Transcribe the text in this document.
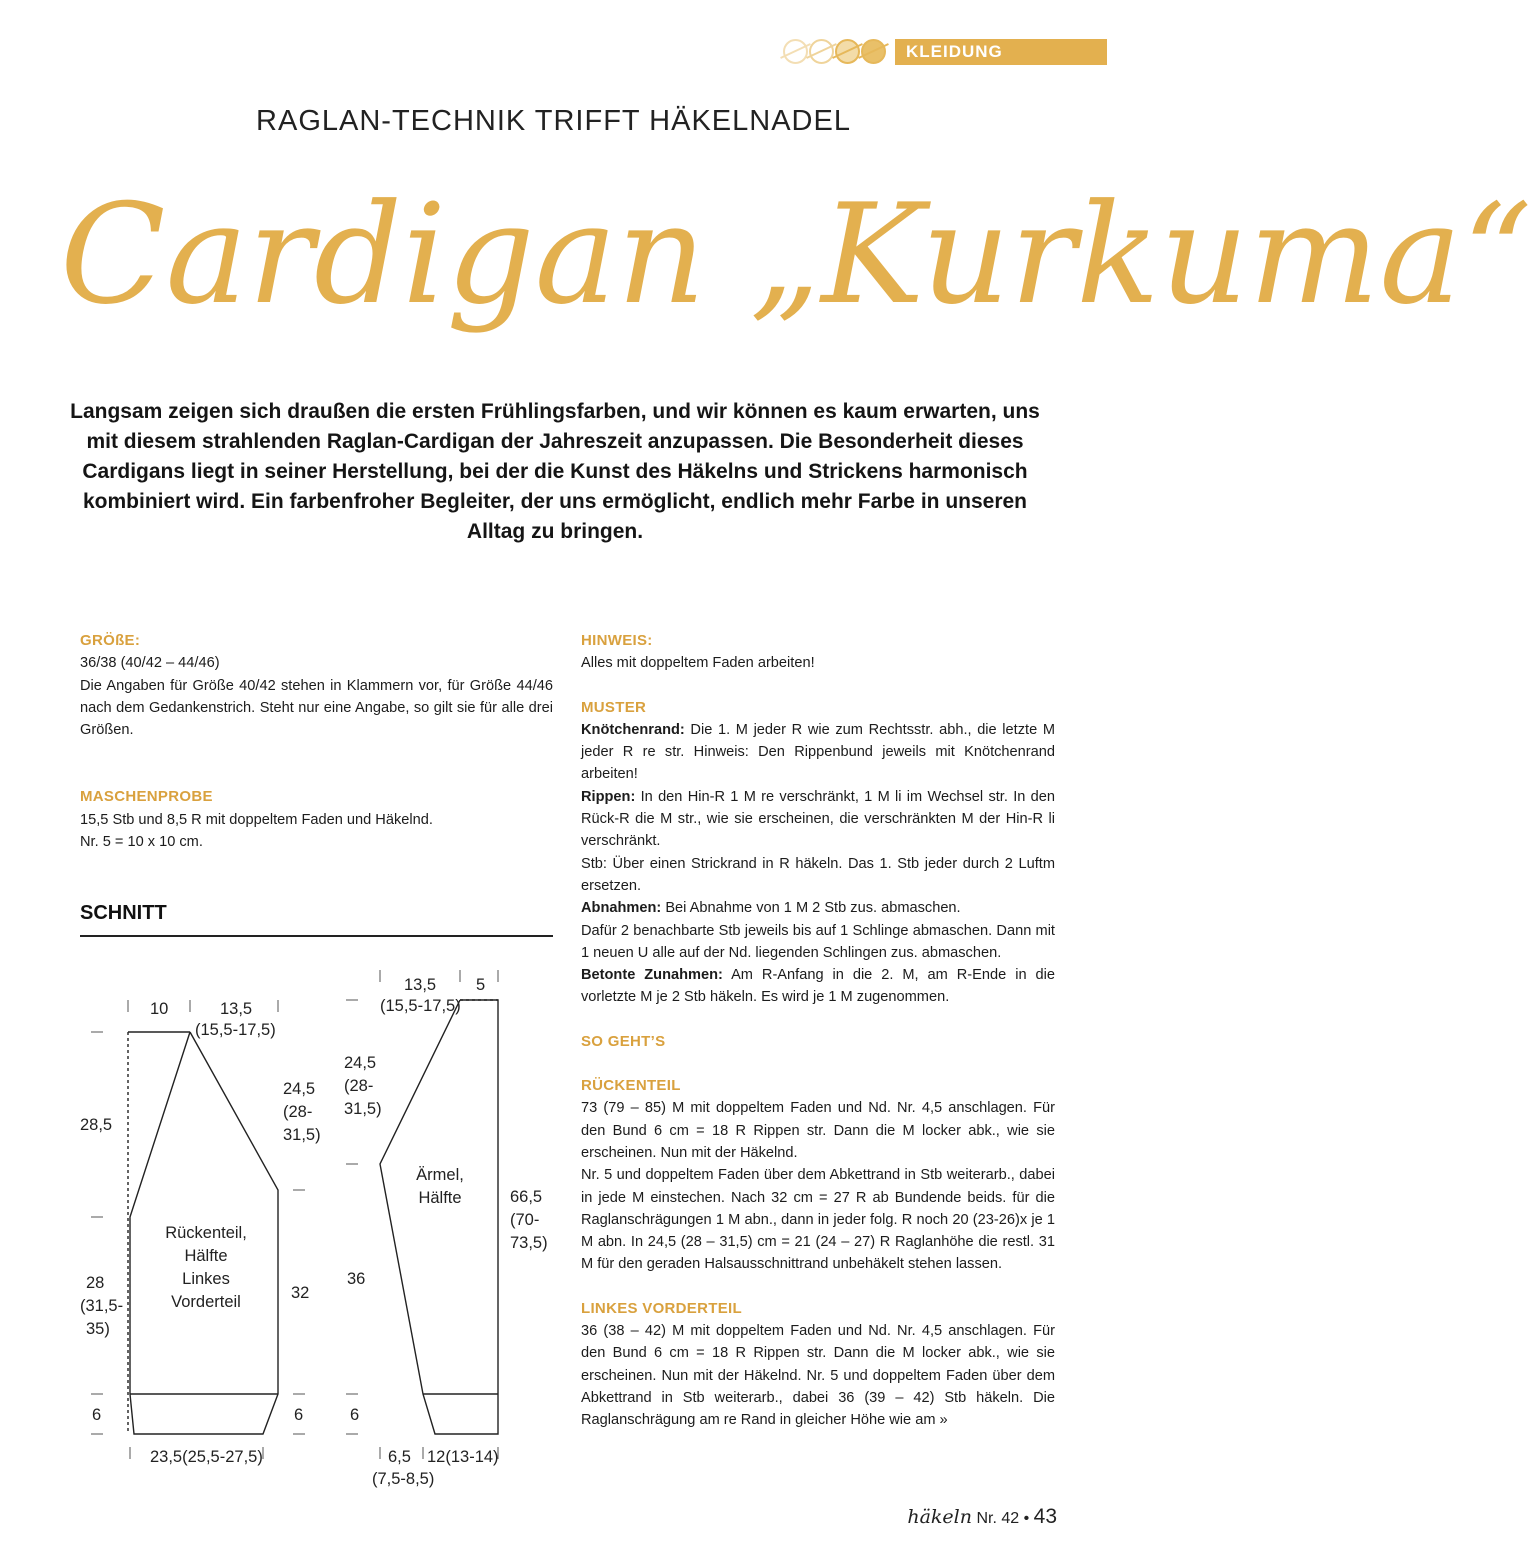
KLEIDUNG
RAGLAN-TECHNIK TRIFFT HÄKELNADEL
Cardigan „Kurkuma“
Langsam zeigen sich draußen die ersten Frühlingsfarben, und wir können es kaum erwarten, uns mit diesem strahlenden Raglan-Cardigan der Jahreszeit anzupassen. Die Besonderheit dieses Cardigans liegt in seiner Herstellung, bei der die Kunst des Häkelns und Strickens harmonisch kombiniert wird. Ein farbenfroher Begleiter, der uns ermöglicht, endlich mehr Farbe in unseren Alltag zu bringen.

GRÖßE:

36/38 (40/42 – 44/46)

Die Angaben für Größe 40/42 stehen in Klammern vor, für Größe 44/46 nach dem Gedankenstrich. Steht nur eine Angabe, so gilt sie für alle drei Größen.

MASCHENPROBE

15,5 Stb und 8,5 R mit doppeltem Faden und Häkelnd.

Nr. 5 = 10 x 10 cm.

SCHNITT
10	13,5
(15,5-17,5)
28,5
24,5
(28-
31,5)
Rückenteil,
Hälfte
Linkes
Vorderteil
28
(31,5-
35)
32
6	6
23,5(25,5-27,5)
13,5
(15,5-17,5)
5
24,5
(28-
31,5)
Ärmel,
Hälfte	66,5
(70-
73,5)
36
6
6,5
(7,5-8,5)
12(13-14)

HINWEIS:

Alles mit doppeltem Faden arbeiten!

MUSTER

Knötchenrand: Die 1. M jeder R wie zum Rechtsstr. abh., die letzte M jeder R re str. Hinweis: Den Rippenbund jeweils mit Knötchenrand arbeiten!

Rippen: In den Hin-R 1 M re verschränkt, 1 M li im Wechsel str. In den Rück-R die M str., wie sie erscheinen, die verschränkten M der Hin-R li verschränkt.

Stb: Über einen Strickrand in R häkeln. Das 1. Stb jeder durch 2 Luftm ersetzen.

Abnahmen: Bei Abnahme von 1 M 2 Stb zus. abmaschen.

Dafür 2 benachbarte Stb jeweils bis auf 1 Schlinge abmaschen. Dann mit 1 neuen U alle auf der Nd. liegenden Schlingen zus. abmaschen.

Betonte Zunahmen: Am R-Anfang in die 2. M, am R-Ende in die vorletzte M je 2 Stb häkeln. Es wird je 1 M zugenommen.

SO GEHT’S

RÜCKENTEIL

73 (79 – 85) M mit doppeltem Faden und Nd. Nr. 4,5 anschlagen. Für den Bund 6 cm = 18 R Rippen str. Dann die M locker abk., wie sie erscheinen. Nun mit der Häkelnd.

Nr. 5 und doppeltem Faden über dem Abkettrand in Stb weiterarb., dabei in jede M einstechen. Nach 32 cm = 27 R ab Bundende beids. für die Raglanschrägungen 1 M abn., dann in jeder folg. R noch 20 (23-26)x je 1 M abn. In 24,5 (28 – 31,5) cm = 21 (24 – 27) R Raglanhöhe die restl. 31 M für den geraden Halsausschnittrand unbehäkelt stehen lassen.

LINKES VORDERTEIL

36 (38 – 42) M mit doppeltem Faden und Nd. Nr. 4,5 anschlagen. Für den Bund 6 cm = 18 R Rippen str. Dann die M locker abk., wie sie erscheinen. Nun mit der Häkelnd. Nr. 5 und doppeltem Faden über dem Abkettrand in Stb weiterarb., dabei 36 (39 – 42) Stb häkeln. Die Raglanschrägung am re Rand in gleicher Höhe wie am »

häkeln Nr. 42 • 43
